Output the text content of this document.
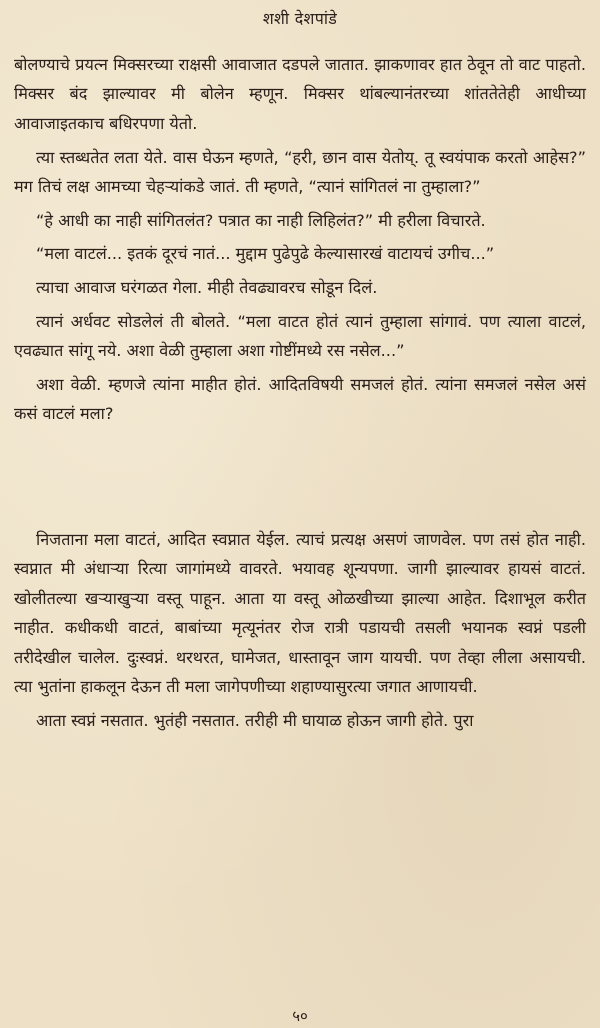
शशी देशपांडे

बोलण्याचे प्रयत्न मिक्सरच्या राक्षसी आवाजात दडपले जातात. झाकणावर हात ठेवून तो वाट पाहतो. मिक्सर बंद झाल्यावर मी बोलेन म्हणून. मिक्सर थांबल्यानंतरच्या शांततेतेही आधीच्या आवाजाइतकाच बधिरपणा येतो.

त्या स्तब्धतेत लता येते. वास घेऊन म्हणते, “हरी, छान वास येतोय्. तू स्वयंपाक करतो आहेस?” मग तिचं लक्ष आमच्या चेहऱ्यांकडे जातं. ती म्हणते, “त्यानं सांगितलं ना तुम्हाला?”

“हे आधी का नाही सांगितलंत? पत्रात का नाही लिहिलंत?” मी हरीला विचारते.

“मला वाटलं... इतकं दूरचं नातं... मुद्दाम पुढेपुढे केल्यासारखं वाटायचं उगीच...”

त्याचा आवाज घरंगळत गेला. मीही तेवढ्यावरच सोडून दिलं.

त्यानं अर्धवट सोडलेलं ती बोलते. “मला वाटत होतं त्यानं तुम्हाला सांगावं. पण त्याला वाटलं, एवढ्यात सांगू नये. अशा वेळी तुम्हाला अशा गोष्टींमध्ये रस नसेल...”

अशा वेळी. म्हणजे त्यांना माहीत होतं. आदितविषयी समजलं होतं. त्यांना समजलं नसेल असं कसं वाटलं मला?

निजताना मला वाटतं, आदित स्वप्नात येईल. त्याचं प्रत्यक्ष असणं जाणवेल. पण तसं होत नाही. स्वप्नात मी अंधाऱ्या रित्या जागांमध्ये वावरते. भयावह शून्यपणा. जागी झाल्यावर हायसं वाटतं. खोलीतल्या खऱ्याखुऱ्या वस्तू पाहून. आता या वस्तू ओळखीच्या झाल्या आहेत. दिशाभूल करीत नाहीत. कधीकधी वाटतं, बाबांच्या मृत्यूनंतर रोज रात्री पडायची तसली भयानक स्वप्नं पडली तरीदेखील चालेल. दुःस्वप्नं. थरथरत, घामेजत, धास्तावून जाग यायची. पण तेव्हा लीला असायची. त्या भुतांना हाकलून देऊन ती मला जागेपणीच्या शहाण्यासुरत्या जगात आणायची.

आता स्वप्नं नसतात. भुतंही नसतात. तरीही मी घायाळ होऊन जागी होते. पुरा

५०
